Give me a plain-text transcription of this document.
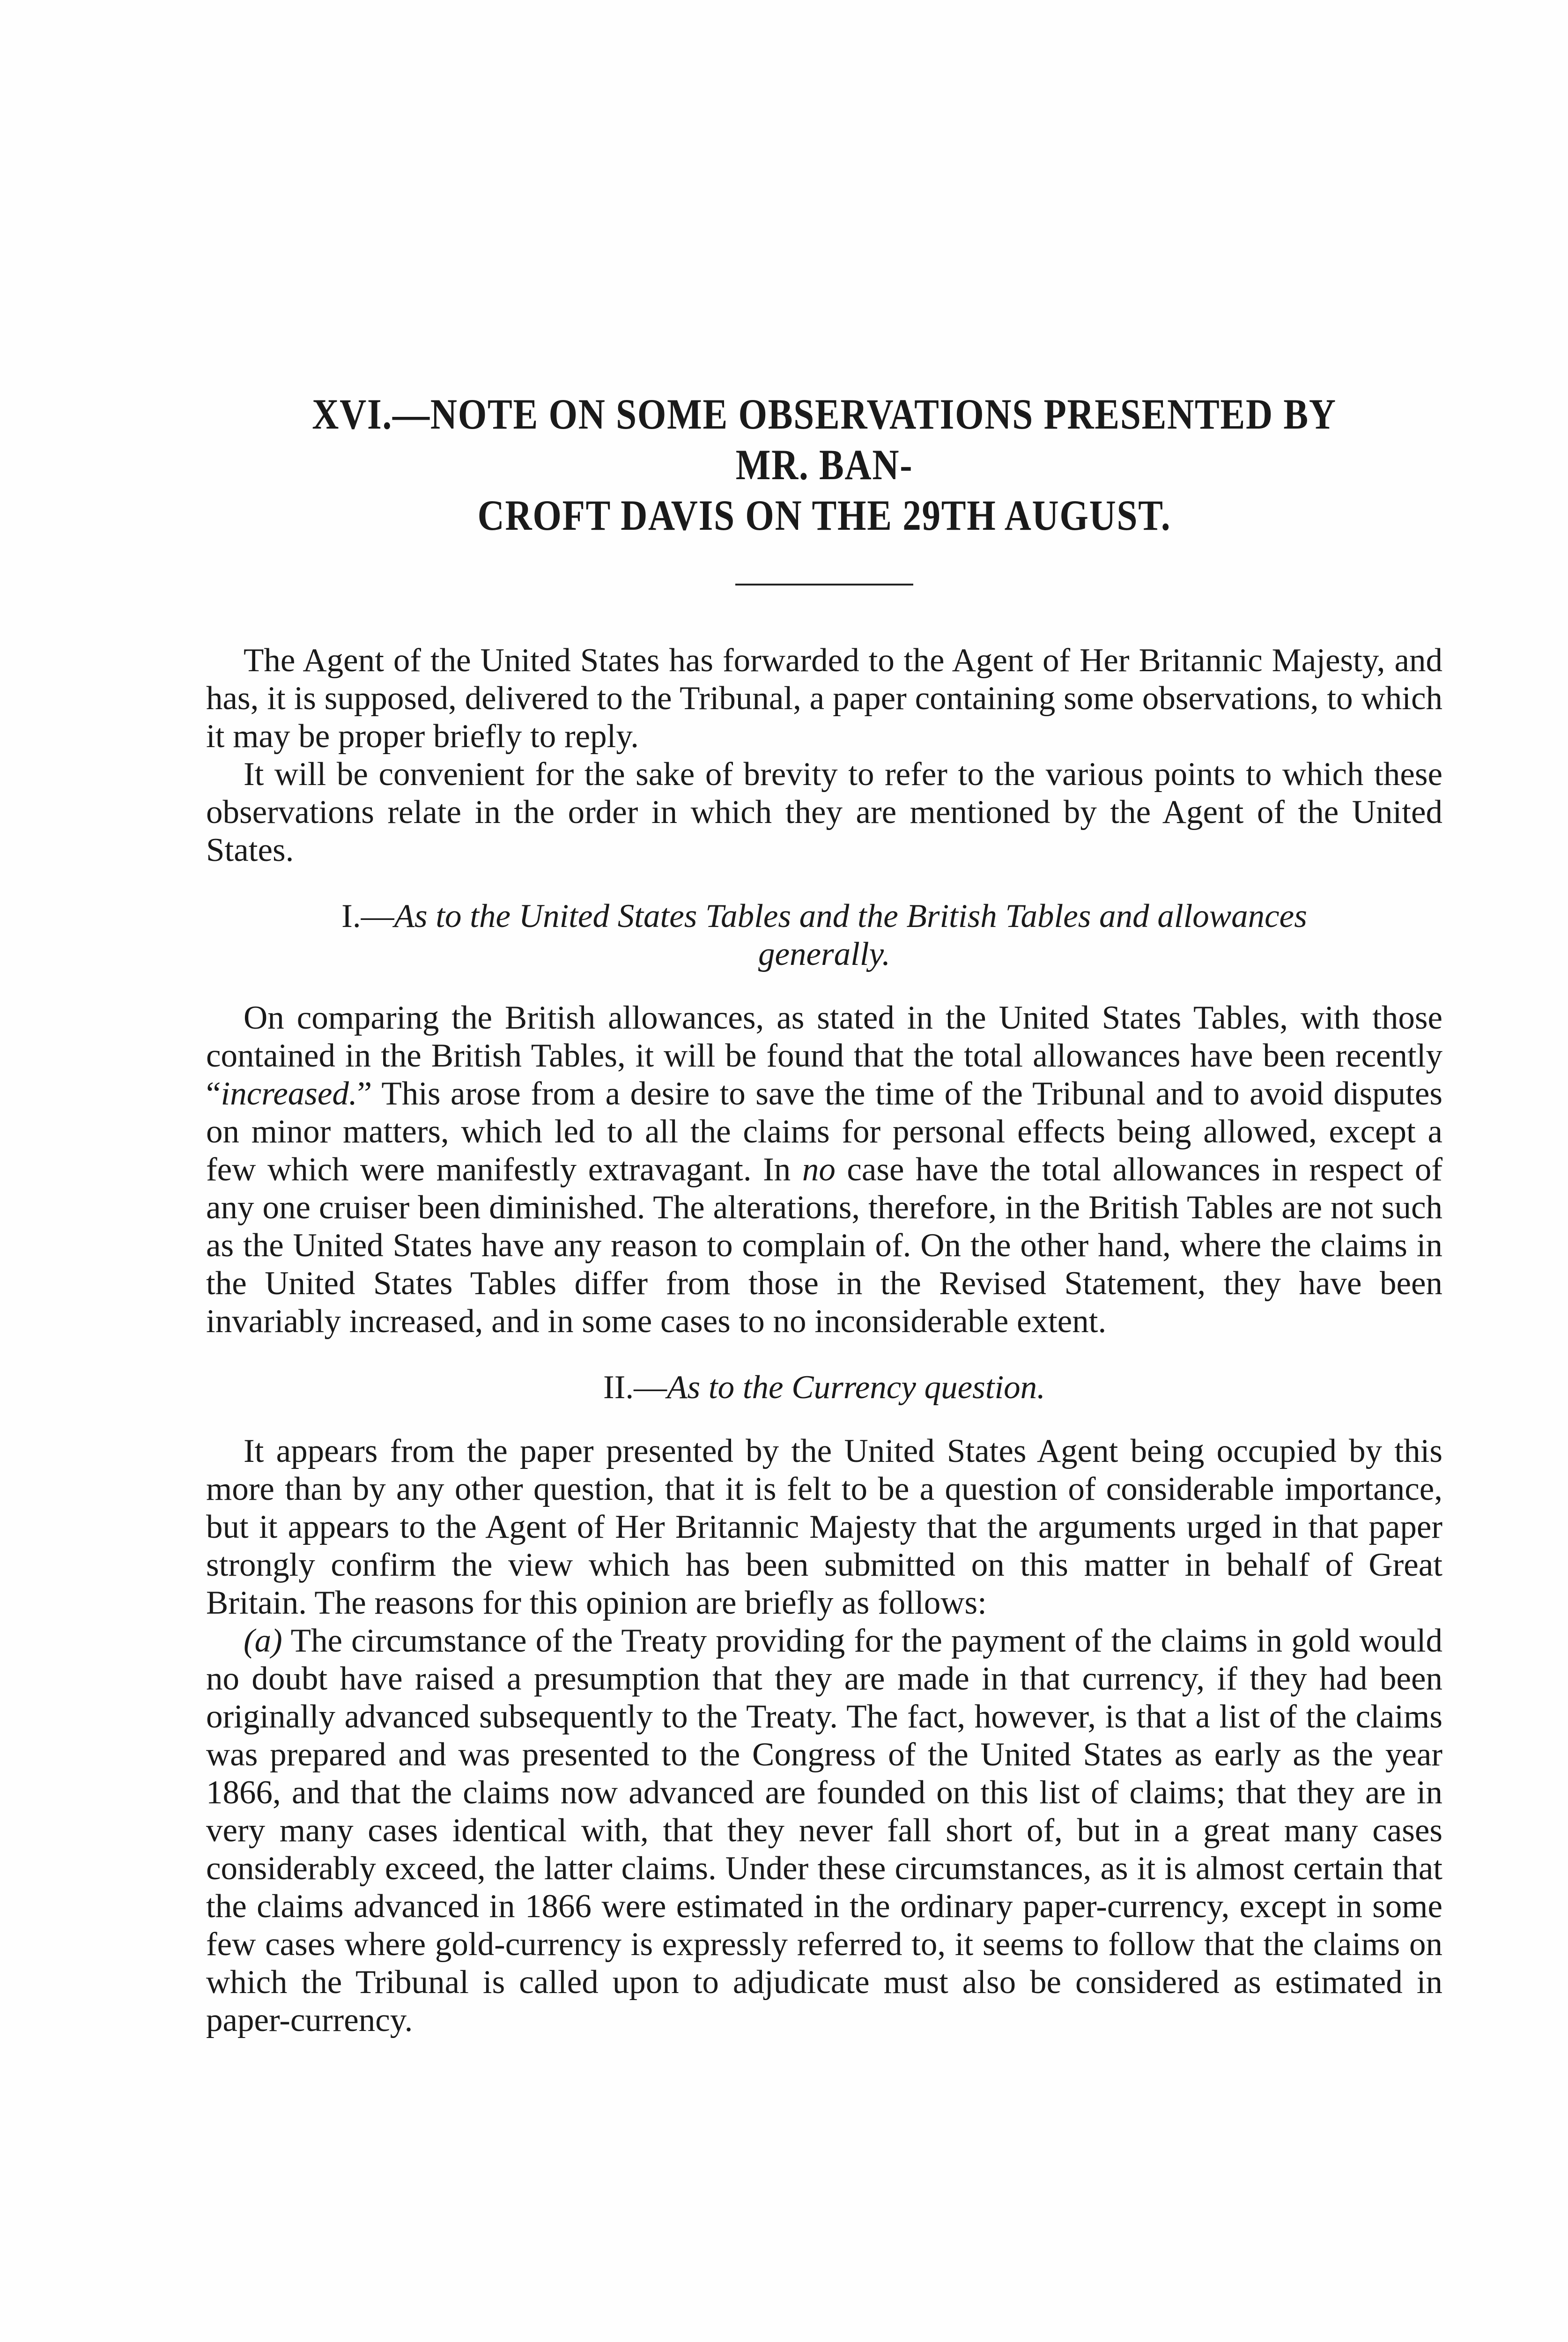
XVI.—NOTE ON SOME OBSERVATIONS PRESENTED BY MR. BAN-
CROFT DAVIS ON THE 29TH AUGUST.

The Agent of the United States has forwarded to the Agent of Her Britannic Majesty, and has, it is supposed, delivered to the Tribunal, a paper containing some observations, to which it may be proper briefly to reply.

It will be convenient for the sake of brevity to refer to the various points to which these observations relate in the order in which they are mentioned by the Agent of the United States.

I.—As to the United States Tables and the British Tables and allowances
generally.

On comparing the British allowances, as stated in the United States Tables, with those contained in the British Tables, it will be found that the total allowances have been recently “increased.” This arose from a desire to save the time of the Tribunal and to avoid disputes on minor matters, which led to all the claims for personal effects being allowed, except a few which were manifestly extravagant. In no case have the total allowances in respect of any one cruiser been diminished. The alterations, therefore, in the British Tables are not such as the United States have any reason to complain of. On the other hand, where the claims in the United States Tables differ from those in the Revised Statement, they have been invariably increased, and in some cases to no inconsiderable extent.

II.—As to the Currency question.

It appears from the paper presented by the United States Agent being occupied by this more than by any other question, that it is felt to be a question of considerable importance, but it appears to the Agent of Her Britannic Majesty that the arguments urged in that paper strongly confirm the view which has been submitted on this matter in behalf of Great Britain. The reasons for this opinion are briefly as follows:

(a) The circumstance of the Treaty providing for the payment of the claims in gold would no doubt have raised a presumption that they are made in that currency, if they had been originally advanced subsequently to the Treaty. The fact, however, is that a list of the claims was prepared and was presented to the Congress of the United States as early as the year 1866, and that the claims now advanced are founded on this list of claims; that they are in very many cases identical with, that they never fall short of, but in a great many cases considerably exceed, the latter claims. Under these circumstances, as it is almost certain that the claims advanced in 1866 were estimated in the ordinary paper-currency, except in some few cases where gold-currency is expressly referred to, it seems to follow that the claims on which the Tribunal is called upon to adjudicate must also be considered as estimated in paper-currency.
